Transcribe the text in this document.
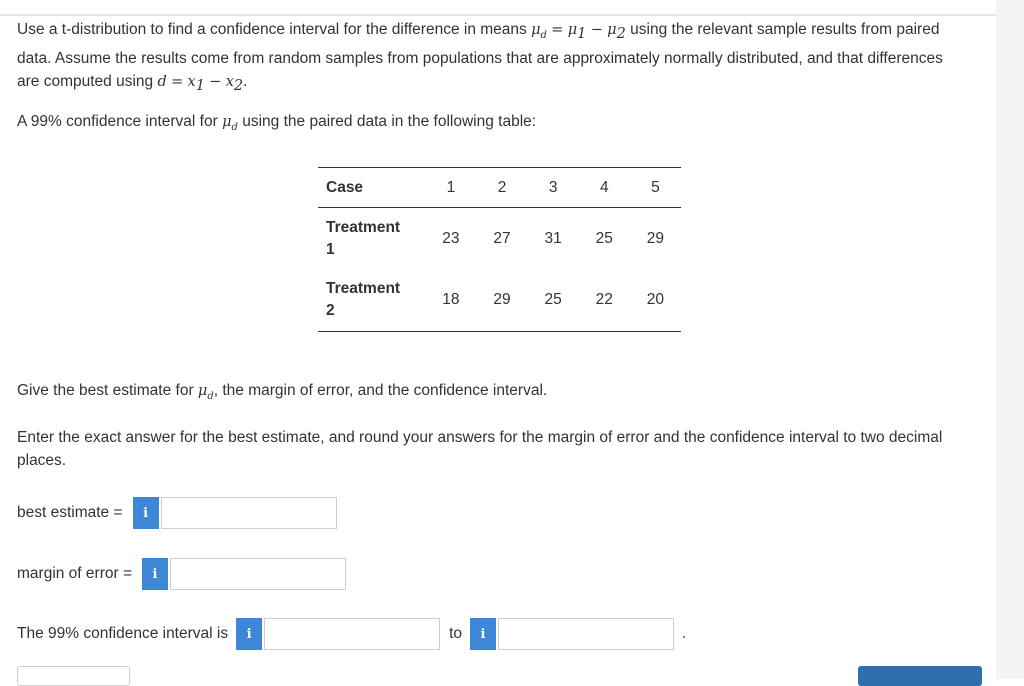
Use a t-distribution to find a confidence interval for the difference in means $\mu_d = \mu_1 - \mu_2$ using the relevant sample results from paired data. Assume the results come from random samples from populations that are approximately normally distributed, and that differences are computed using $d = x_1 - x_2$.

A 99% confidence interval for $\mu_d$ using the paired data in the following table:

Case	1	2	3	4	5
Treatment
1	23	27	31	25	29
Treatment
2	18	29	25	22	20

Give the best estimate for $\mu_d$, the margin of error, and the confidence interval.

Enter the exact answer for the best estimate, and round your answers for the margin of error and the confidence interval to two decimal places.

best estimate =	i
margin of error =	i
The 99% confidence interval is	i	to	i	.
